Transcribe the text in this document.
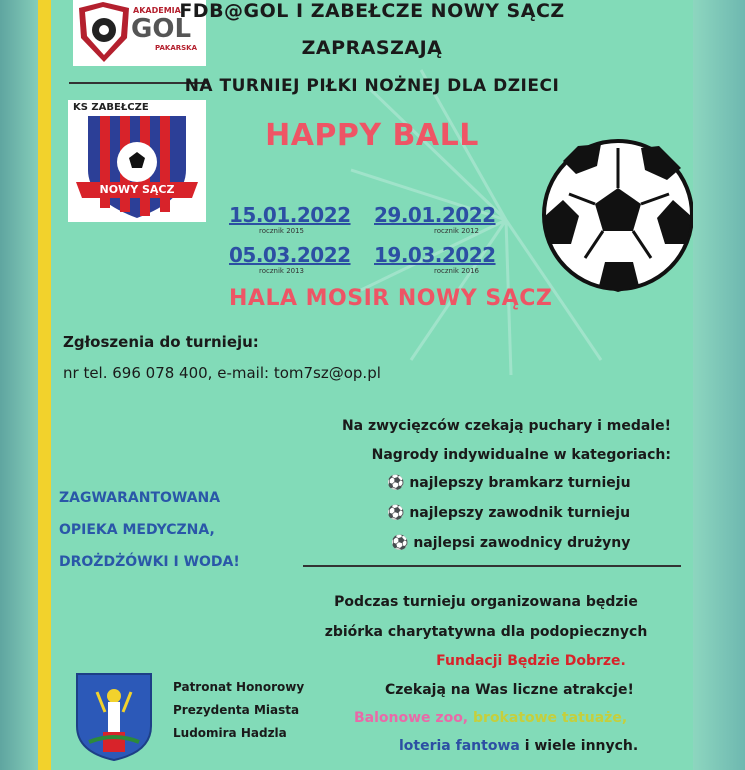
AKADEMIA
GOL
PAKARSKA
KS ZABEŁCZE
NOWY SĄCZ
FDB@GOL I ZABEŁCZE NOWY SĄCZ
ZAPRASZAJĄ
NA TURNIEJ PIŁKI NOŻNEJ DLA DZIECI
HAPPY BALL
15.01.2022
rocznik 2015
29.01.2022
rocznik 2012
05.03.2022
rocznik 2013
19.03.2022
rocznik 2016
HALA MOSIR NOWY SĄCZ
Zgłoszenia do turnieju:
nr tel. 696 078 400, e-mail: tom7sz@op.pl
Na zwycięzców czekają puchary i medale!
Nagrody indywidualne w kategoriach:
⚽ najlepszy bramkarz turnieju
⚽ najlepszy zawodnik turnieju
⚽ najlepsi zawodnicy drużyny
ZAGWARANTOWANA
OPIEKA MEDYCZNA,
DROŻDŻÓWKI I WODA!
Podczas turnieju organizowana będzie
zbiórka charytatywna dla podopiecznych
Fundacji Będzie Dobrze.
Patronat Honorowy
Prezydenta Miasta
Ludomira Hadzla
Czekają na Was liczne atrakcje!
Balonowe zoo, brokatowe tatuaże,
loteria fantowa i wiele innych.
